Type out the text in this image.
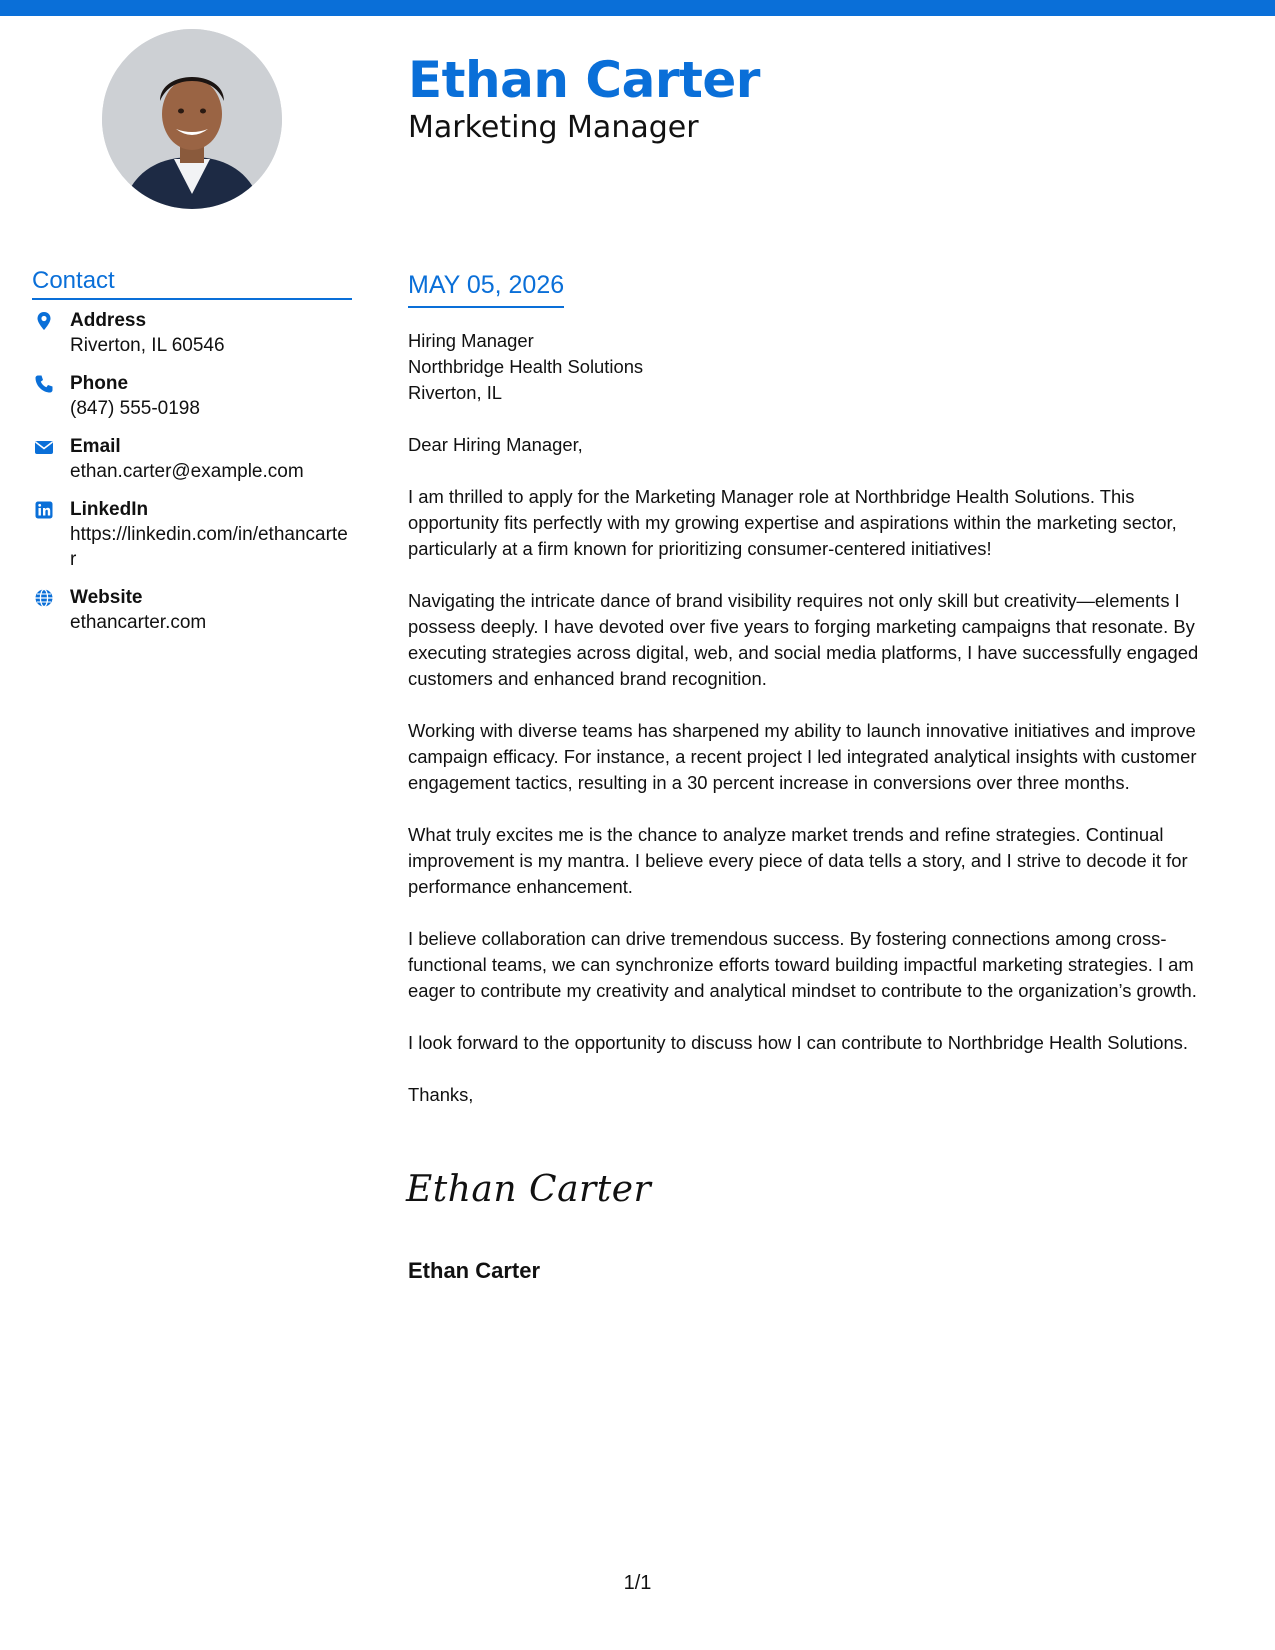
Ethan Carter
Marketing Manager
Contact
Address
Riverton, IL 60546
Phone
(847) 555-0198
Email
ethan.carter@example.com
LinkedIn
https://linkedin.com/in/ethancarter
Website
ethancarter.com
MAY 05, 2026

Hiring Manager
Northbridge Health Solutions
Riverton, IL

Dear Hiring Manager,

I am thrilled to apply for the Marketing Manager role at Northbridge Health Solutions. This opportunity fits perfectly with my growing expertise and aspirations within the marketing sector, particularly at a firm known for prioritizing consumer-centered initiatives!

Navigating the intricate dance of brand visibility requires not only skill but creativity—elements I possess deeply. I have devoted over five years to forging marketing campaigns that resonate. By executing strategies across digital, web, and social media platforms, I have successfully engaged customers and enhanced brand recognition.

Working with diverse teams has sharpened my ability to launch innovative initiatives and improve campaign efficacy. For instance, a recent project I led integrated analytical insights with customer engagement tactics, resulting in a 30 percent increase in conversions over three months.

What truly excites me is the chance to analyze market trends and refine strategies. Continual improvement is my mantra. I believe every piece of data tells a story, and I strive to decode it for performance enhancement.

I believe collaboration can drive tremendous success. By fostering connections among cross-functional teams, we can synchronize efforts toward building impactful marketing strategies. I am eager to contribute my creativity and analytical mindset to contribute to the organization’s growth.

I look forward to the opportunity to discuss how I can contribute to Northbridge Health Solutions.

Thanks,

Ethan Carter
Ethan Carter
1/1
